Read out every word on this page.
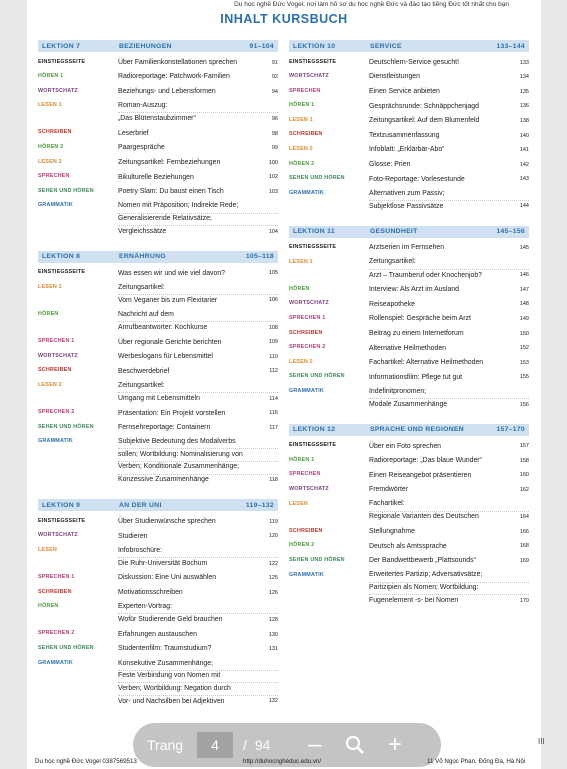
Du học nghề Đức Vogel, nơi làm hồ sơ du học nghề Đức và đào tạo tiếng Đức tốt nhất cho bạn
INHALT KURSBUCH
LEKTION 7	BEZIEHUNGEN	91–104
EINSTIEGSSEITE	Über Familienkonstellationen sprechen	91
HÖREN 1	Radioreportage: Patchwork-Familien	92
WORTSCHATZ	Beziehungs- und Lebensformen	94
LESEN 1	Roman-Auszug:
„Das Blütenstaubzimmer“	96
SCHREIBEN	Leserbrief	98
HÖREN 2	Paargespräche	99
LESEN 2	Zeitungsartikel: Fernbeziehungen	100
SPRECHEN	Bikulturelle Beziehungen	102
SEHEN UND HÖREN	Poetry Slam: Du baust einen Tisch	103
GRAMMATIK	Nomen mit Präposition; Indirekte Rede;
Generalisierende Relativsätze;
Vergleichssätze	104
LEKTION 8	ERNÄHRUNG	105–118
EINSTIEGSSEITE	Was essen wir und wie viel davon?	105
LESEN 1	Zeitungsartikel:
Vom Veganer bis zum Flexitarier	106
HÖREN	Nachricht auf dem
Anrufbeantworter: Kochkurse	108
SPRECHEN 1	Über regionale Gerichte berichten	109
WORTSCHATZ	Werbeslogans für Lebensmittel	110
SCHREIBEN	Beschwerdebrief	112
LESEN 2	Zeitungsartikel:
Umgang mit Lebensmitteln	114
SPRECHEN 2	Präsentation: Ein Projekt vorstellen	116
SEHEN UND HÖREN	Fernsehreportage: Containern	117
GRAMMATIK	Subjektive Bedeutung des Modalverbs
sollen; Wortbildung: Nominalisierung von
Verben; Konditionale Zusammenhänge;
Konzessive Zusammenhänge	118
LEKTION 9	AN DER UNI	119–132
EINSTIEGSSEITE	Über Studienwünsche sprechen	119
WORTSCHATZ	Studieren	120
LESEN	Infobroschüre:
Die Ruhr-Universität Bochum	122
SPRECHEN 1	Diskussion: Eine Uni auswählen	125
SCHREIBEN	Motivationsschreiben	126
HÖREN	Experten-Vortrag:
Wofür Studierende Geld brauchen	128
SPRECHEN 2	Erfahrungen austauschen	130
SEHEN UND HÖREN	Studentenfilm: Traumstudium?	131
GRAMMATIK	Konsekutive Zusammenhänge;
Feste Verbindung von Nomen mit
Verben; Wortbildung: Negation durch
Vor- und Nachsilben bei Adjektiven	132
LEKTION 10	SERVICE	133–144
EINSTIEGSSEITE	Deutschlern-Service gesucht!	133
WORTSCHATZ	Dienstleistungen	134
SPRECHEN	Einen Service anbieten	135
HÖREN 1	Gesprächsrunde: Schnäppchenjagd	136
LESEN 1	Zeitungsartikel: Auf dem Blumenfeld	138
SCHREIBEN	Textzusammenfassung	140
LESEN 2	Infoblatt: „Erklärbär-Abo“	141
HÖREN 2	Glosse: Prien	142
SEHEN UND HÖREN	Foto-Reportage: Vorlesestunde	143
GRAMMATIK	Alternativen zum Passiv;
Subjektlose Passivsätze	144
LEKTION 11	GESUNDHEIT	145–156
EINSTIEGSSEITE	Arztserien im Fernsehen	145
LESEN 1	Zeitungsartikel:
Arzt – Traumberuf oder Knochenjob?	146
HÖREN	Interview: Als Arzt im Ausland	147
WORTSCHATZ	Reiseapotheke	148
SPRECHEN 1	Rollenspiel: Gespräche beim Arzt	149
SCHREIBEN	Beitrag zu einem Internetforum	150
SPRECHEN 2	Alternative Heilmethoden	152
LESEN 2	Fachartikel: Alternative Heilmethoden	153
SEHEN UND HÖREN	Informationsfilm: Pflege tut gut	155
GRAMMATIK	Indefinitpronomen;
Modale Zusammenhänge	156
LEKTION 12	SPRACHE UND REGIONEN	157–170
EINSTIEGSSEITE	Über ein Foto sprechen	157
HÖREN 1	Radioreportage: „Das blaue Wunder“	158
SPRECHEN	Einen Reiseangebot präsentieren	160
WORTSCHATZ	Fremdwörter	162
LESEN	Fachartikel:
Regionale Varianten des Deutschen	164
SCHREIBEN	Stellungnahme	166
HÖREN 2	Deutsch als Amtssprache	168
SEHEN UND HÖREN	Der Bandwettbewerb „Plattsounds“	169
GRAMMATIK	Erweitertes Partizip; Adversativsätze;
Partizipien als Nomen; Wortbildung:
Fugenelement -s- bei Nomen	170
III
Trang
4	/ 94	–	+
Du học nghề Đức Vogel 0387569513	http://duhocnghéduc.edu.vn/	11 Võ Ngọc Phan, Đống Đa, Hà Nội
